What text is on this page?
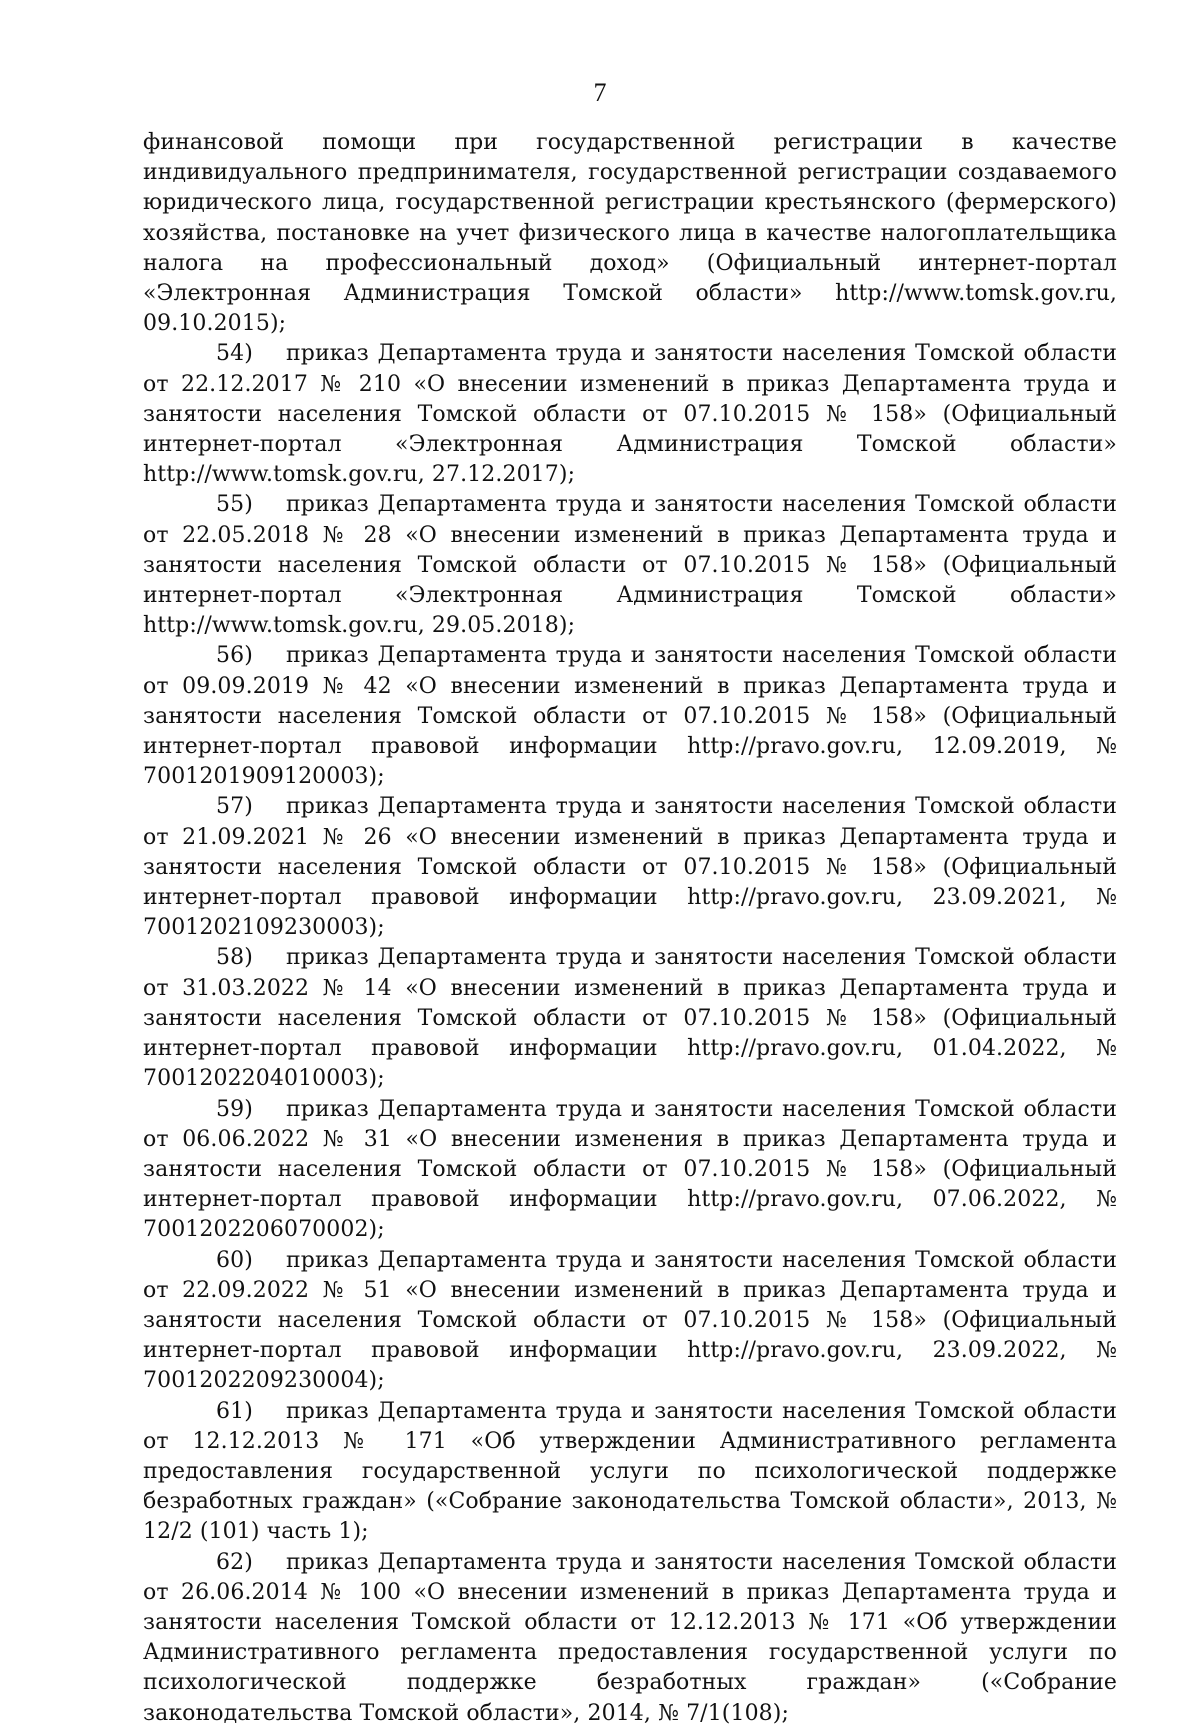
7

финансовой помощи при государственной регистрации в качестве индивидуального предпринимателя, государственной регистрации создаваемого юридического лица, государственной регистрации крестьянского (фермерского) хозяйства, постановке на учет физического лица в качестве налогоплательщика налога на профессиональный доход» (Официальный интернет-портал «Электронная Администрация Томской области» http://www.tomsk.gov.ru, 09.10.2015);

54) приказ Департамента труда и занятости населения Томской области от 22.12.2017 № 210 «О внесении изменений в приказ Департамента труда и занятости населения Томской области от 07.10.2015 № 158» (Официальный интернет-портал «Электронная Администрация Томской области» http://www.tomsk.gov.ru, 27.12.2017);

55) приказ Департамента труда и занятости населения Томской области от 22.05.2018 № 28 «О внесении изменений в приказ Департамента труда и занятости населения Томской области от 07.10.2015 № 158» (Официальный интернет-портал «Электронная Администрация Томской области» http://www.tomsk.gov.ru, 29.05.2018);

56) приказ Департамента труда и занятости населения Томской области от 09.09.2019 № 42 «О внесении изменений в приказ Департамента труда и занятости населения Томской области от 07.10.2015 № 158» (Официальный интернет-портал правовой информации http://pravo.gov.ru, 12.09.2019, № 7001201909120003);

57) приказ Департамента труда и занятости населения Томской области от 21.09.2021 № 26 «О внесении изменений в приказ Департамента труда и занятости населения Томской области от 07.10.2015 № 158» (Официальный интернет-портал правовой информации http://pravo.gov.ru, 23.09.2021, № 7001202109230003);

58) приказ Департамента труда и занятости населения Томской области от 31.03.2022 № 14 «О внесении изменений в приказ Департамента труда и занятости населения Томской области от 07.10.2015 № 158» (Официальный интернет-портал правовой информации http://pravo.gov.ru, 01.04.2022, № 7001202204010003);

59) приказ Департамента труда и занятости населения Томской области от 06.06.2022 № 31 «О внесении изменения в приказ Департамента труда и занятости населения Томской области от 07.10.2015 № 158» (Официальный интернет-портал правовой информации http://pravo.gov.ru, 07.06.2022, № 7001202206070002);

60) приказ Департамента труда и занятости населения Томской области от 22.09.2022 № 51 «О внесении изменений в приказ Департамента труда и занятости населения Томской области от 07.10.2015 № 158» (Официальный интернет-портал правовой информации http://pravo.gov.ru, 23.09.2022, № 7001202209230004);

61) приказ Департамента труда и занятости населения Томской области от 12.12.2013 № 171 «Об утверждении Административного регламента предоставления государственной услуги по психологической поддержке безработных граждан» («Собрание законодательства Томской области», 2013, № 12/2 (101) часть 1);

62) приказ Департамента труда и занятости населения Томской области от 26.06.2014 № 100 «О внесении изменений в приказ Департамента труда и занятости населения Томской области от 12.12.2013 № 171 «Об утверждении Административного регламента предоставления государственной услуги по психологической поддержке безработных граждан» («Собрание законодательства Томской области», 2014, № 7/1(108);
